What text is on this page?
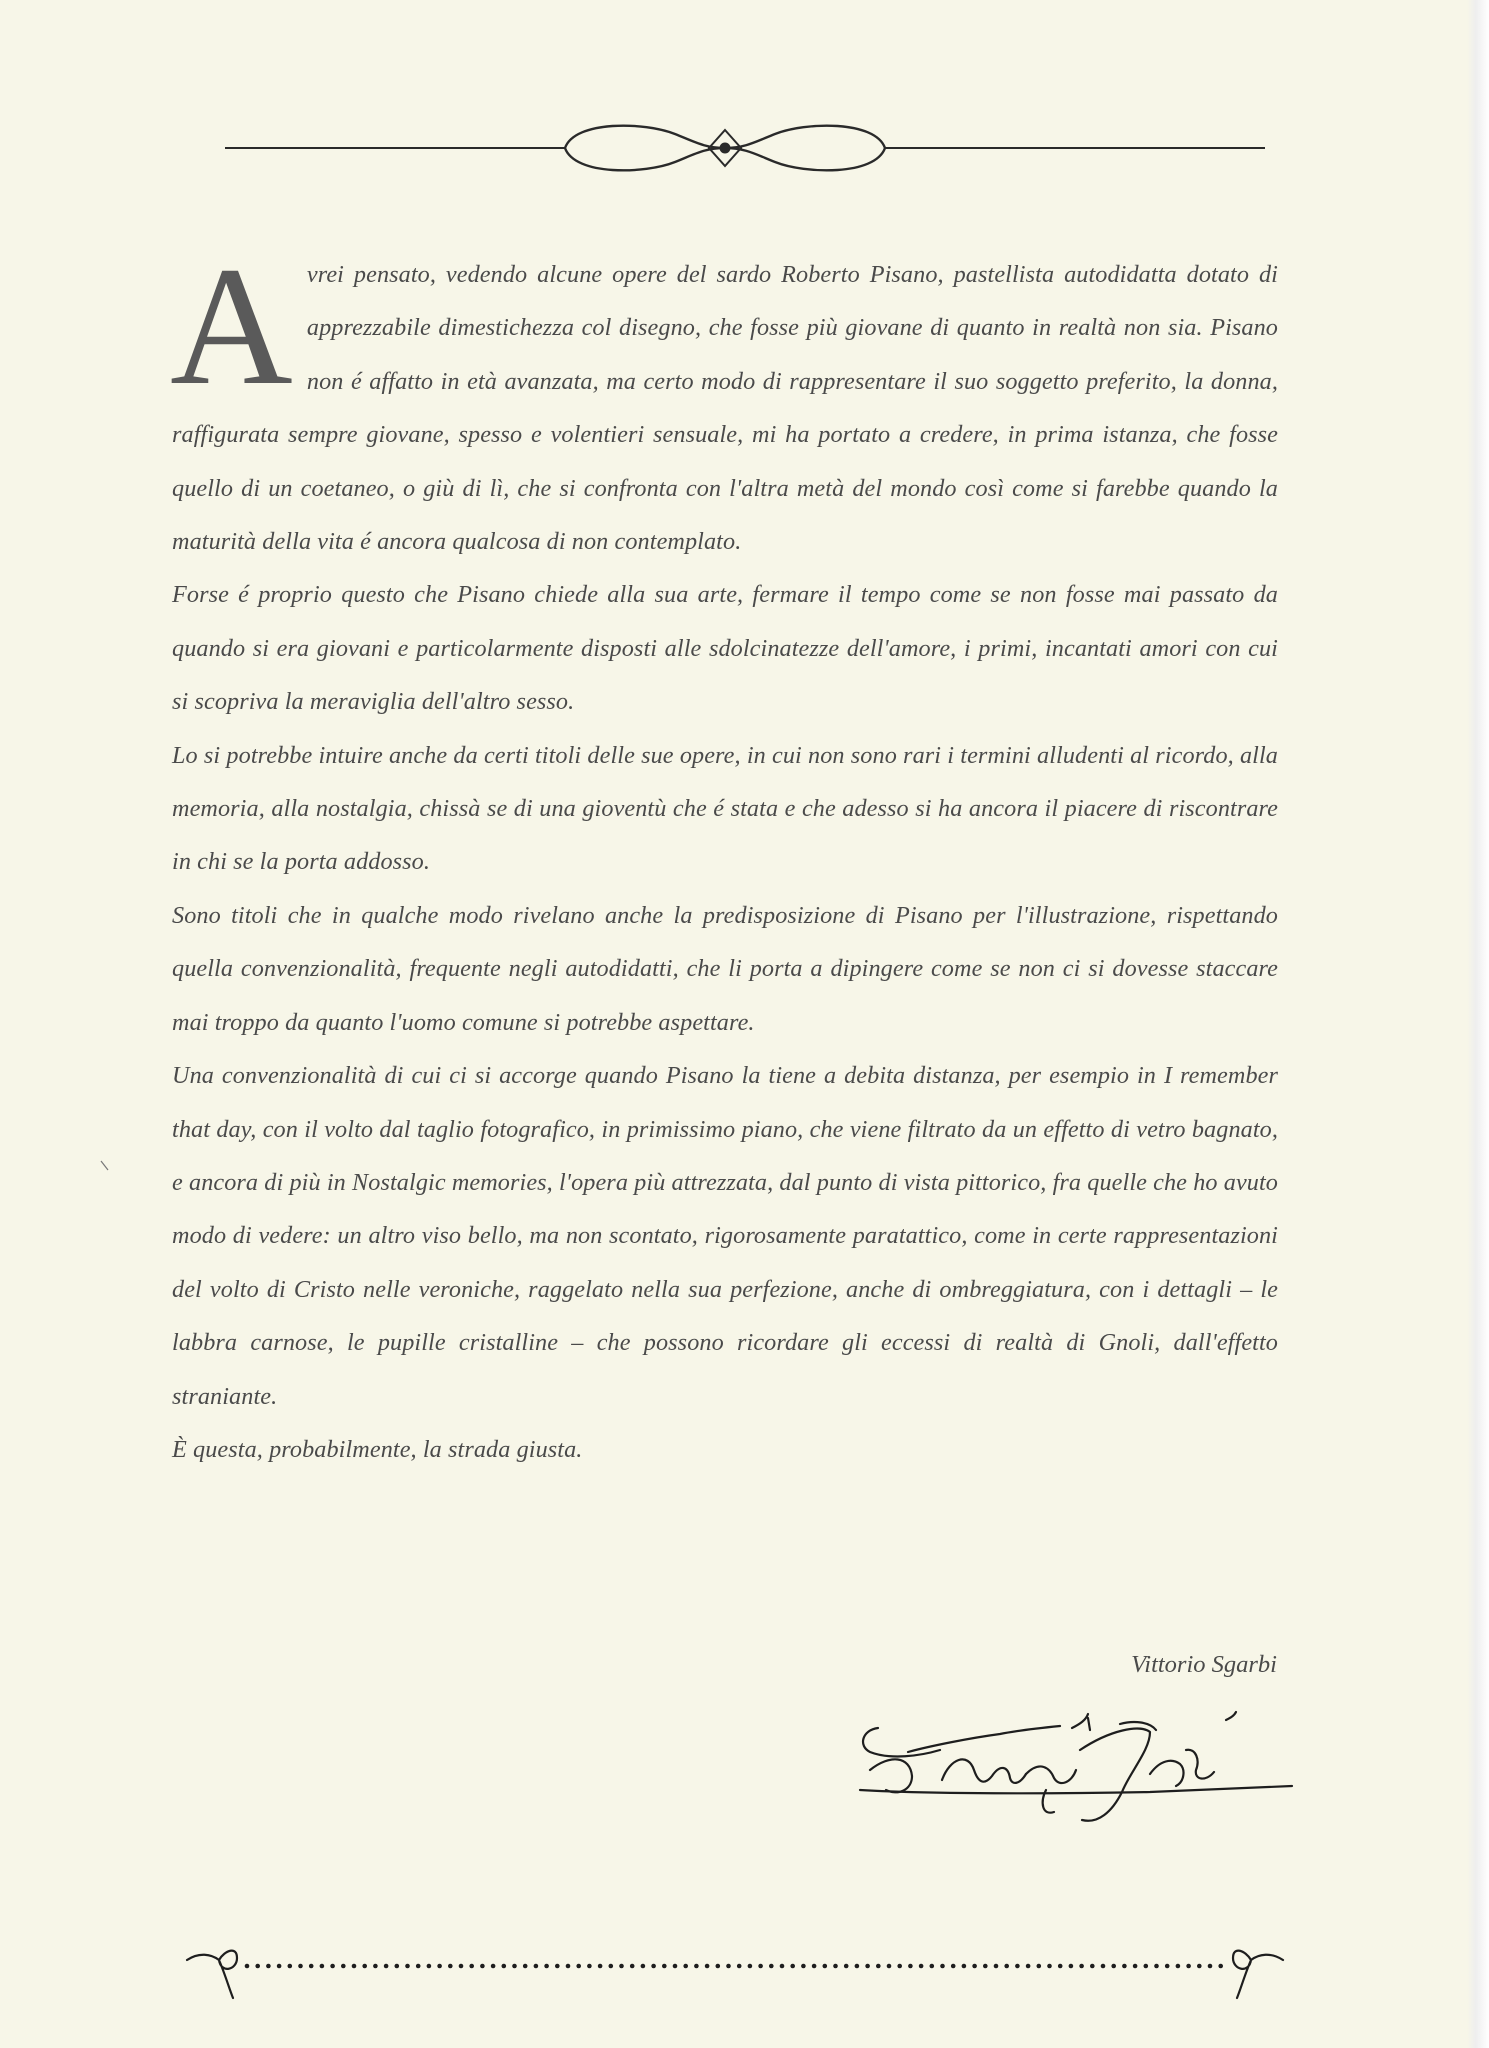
A vrei pensato, vedendo alcune opere del sardo Roberto Pisano, pastellista autodidatta dotato di apprezzabile dimestichezza col disegno, che fosse più giovane di quanto in realtà non sia. Pisano non é affatto in età avanzata, ma certo modo di rappresentare il suo soggetto preferito, la donna, raffigurata sempre giovane, spesso e volentieri sensuale, mi ha portato a credere, in prima istanza, che fosse quello di un coetaneo, o giù di lì, che si confronta con l'altra metà del mondo così come si farebbe quando la maturità della vita é ancora qualcosa di non contemplato.

Forse é proprio questo che Pisano chiede alla sua arte, fermare il tempo come se non fosse mai passato da quando si era giovani e particolarmente disposti alle sdolcinatezze dell'amore, i primi, incantati amori con cui si scopriva la meraviglia dell'altro sesso.

Lo si potrebbe intuire anche da certi titoli delle sue opere, in cui non sono rari i termini alludenti al ricordo, alla memoria, alla nostalgia, chissà se di una gioventù che é stata e che adesso si ha ancora il piacere di riscontrare in chi se la porta addosso.

Sono titoli che in qualche modo rivelano anche la predisposizione di Pisano per l'illustrazione, rispettando quella convenzionalità, frequente negli autodidatti, che li porta a dipingere come se non ci si dovesse staccare mai troppo da quanto l'uomo comune si potrebbe aspettare.

Una convenzionalità di cui ci si accorge quando Pisano la tiene a debita distanza, per esempio in I remember that day, con il volto dal taglio fotografico, in primissimo piano, che viene filtrato da un effetto di vetro bagnato, e ancora di più in Nostalgic memories, l'opera più attrezzata, dal punto di vista pittorico, fra quelle che ho avuto modo di vedere: un altro viso bello, ma non scontato, rigorosamente paratattico, come in certe rappresentazioni del volto di Cristo nelle veroniche, raggelato nella sua perfezione, anche di ombreggiatura, con i dettagli – le labbra carnose, le pupille cristalline – che possono ricordare gli eccessi di realtà di Gnoli, dall'effetto straniante.

È questa, probabilmente, la strada giusta.

Vittorio Sgarbi
